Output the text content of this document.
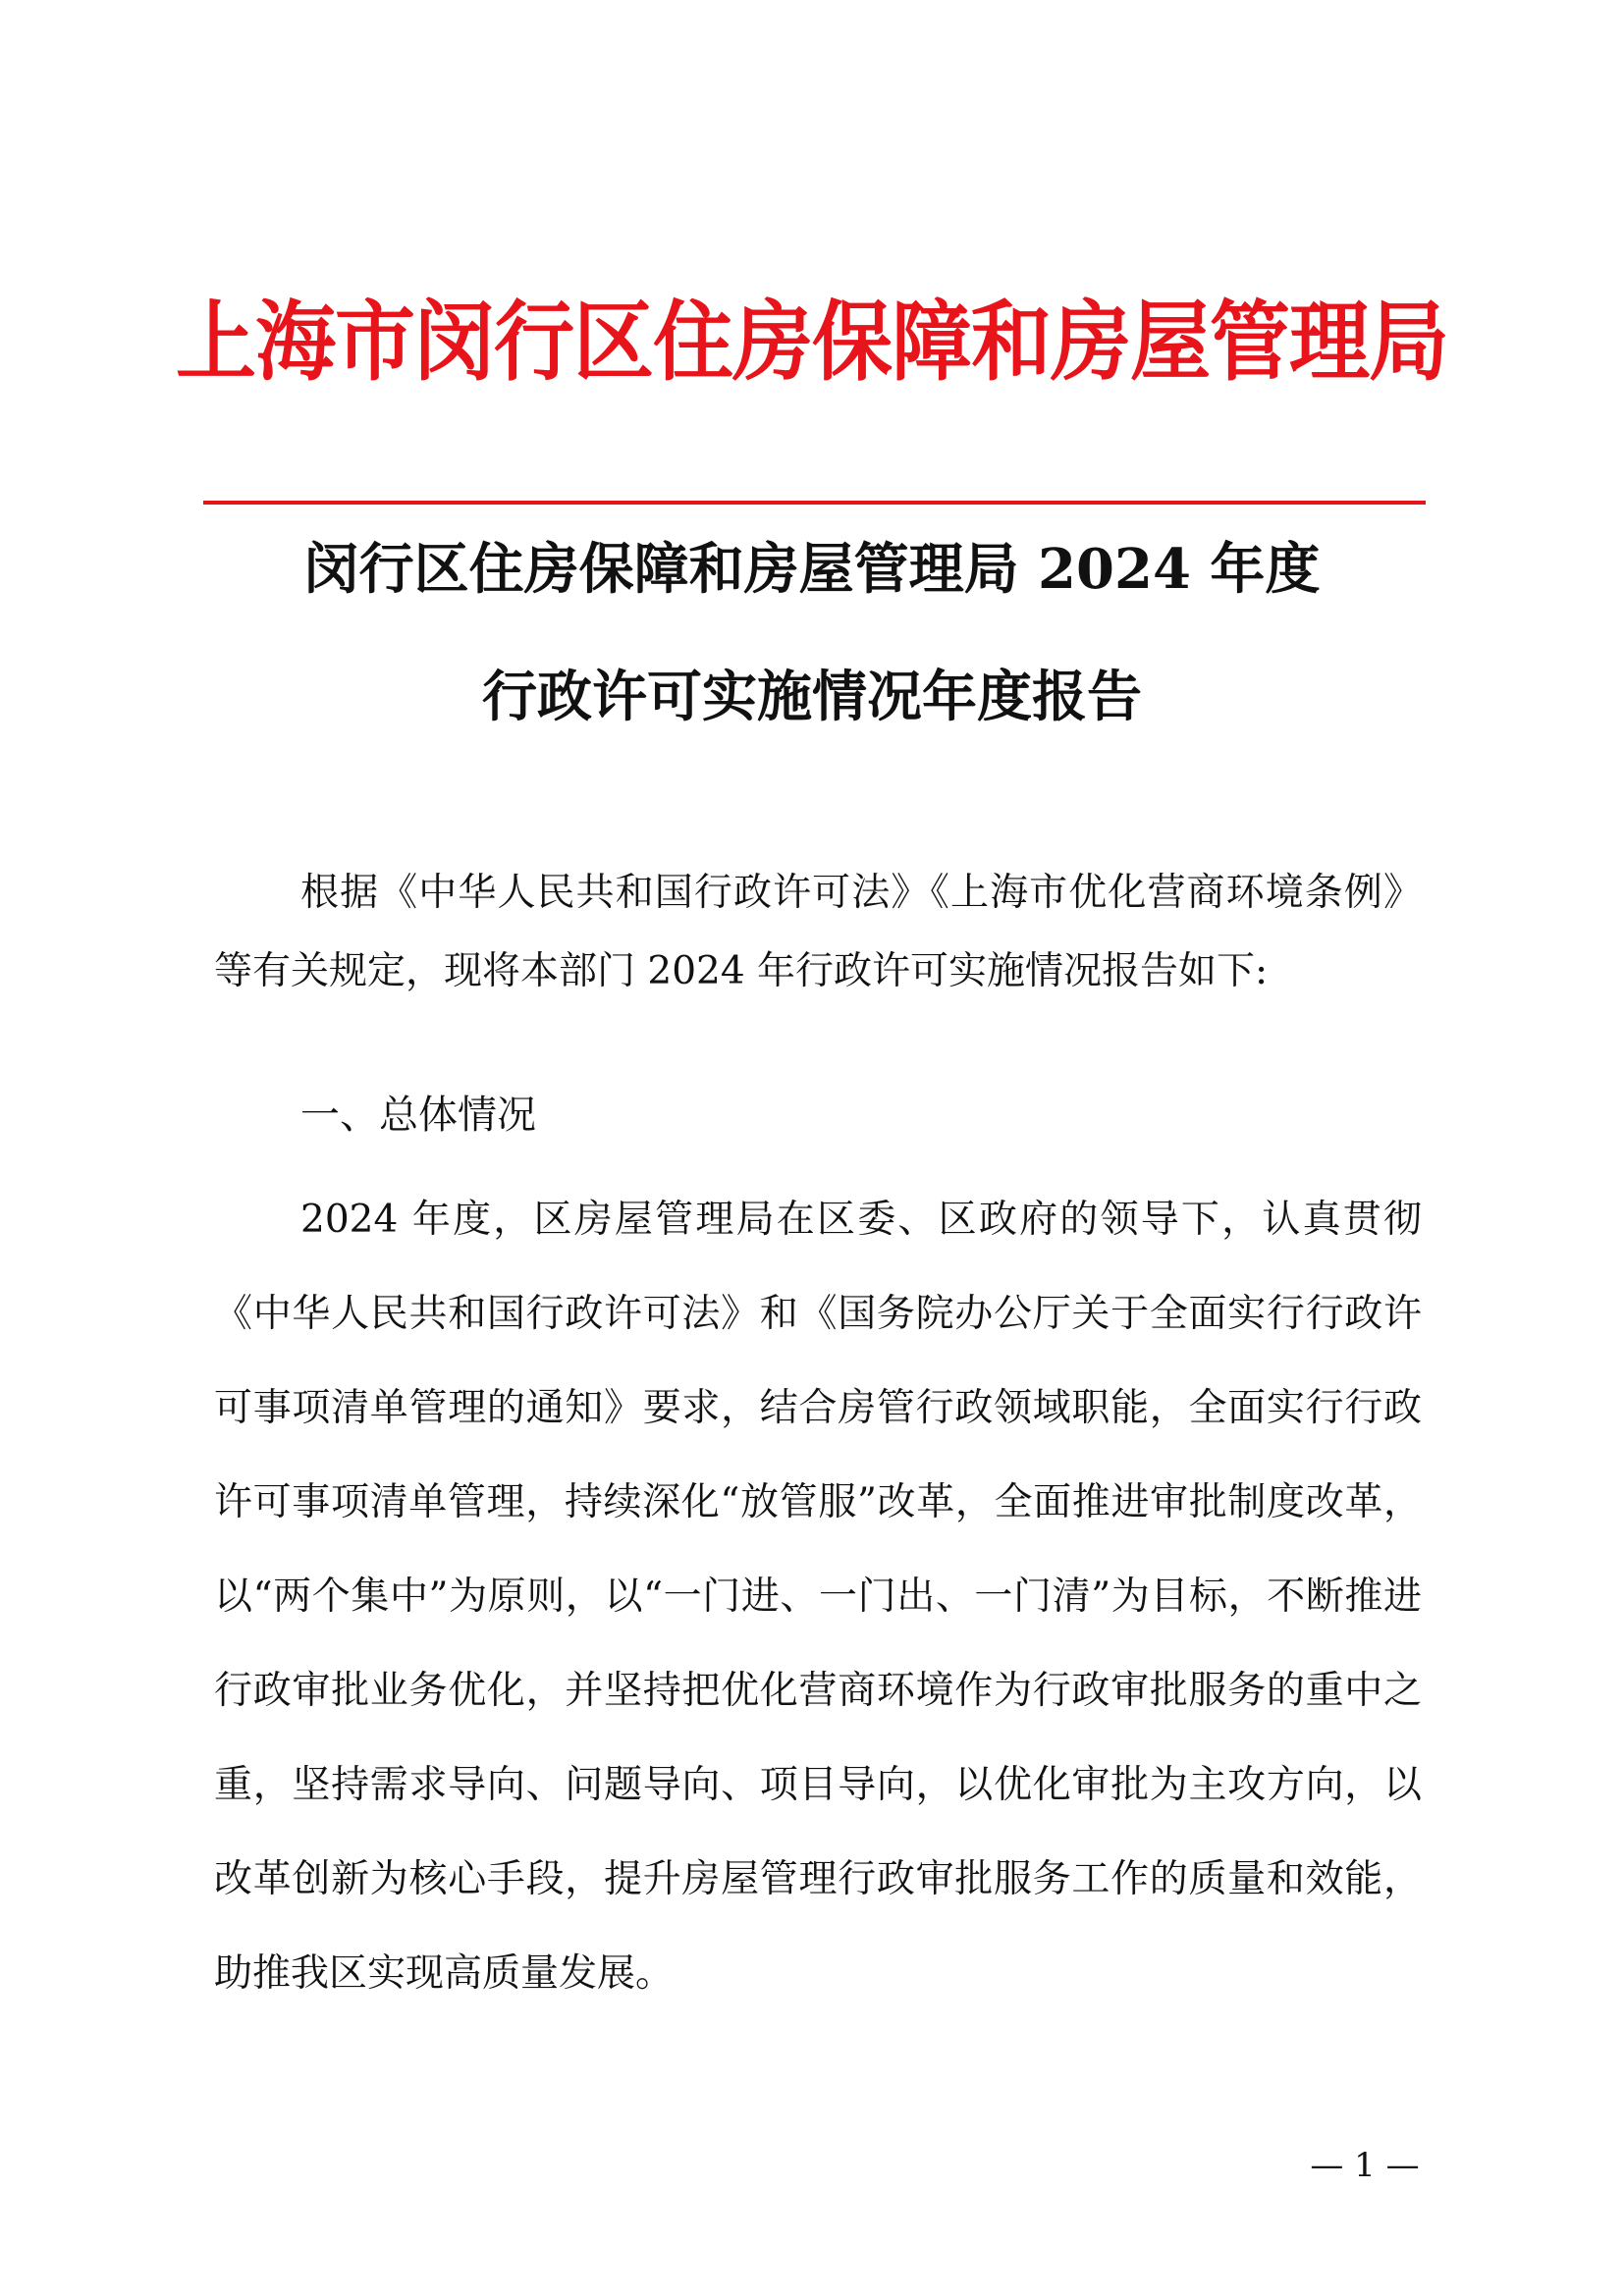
上海市闵行区住房保障和房屋管理局
闵行区住房保障和房屋管理局 2024 年度
行政许可实施情况年度报告
根据《中华人民共和国行政许可法》《上海市优化营商环境条例》等有关规定，现将本部门 2024 年行政许可实施情况报告如下:
一、总体情况
2024 年度，区房屋管理局在区委、区政府的领导下，认真贯彻《中华人民共和国行政许可法》和《国务院办公厅关于全面实行行政许可事项清单管理的通知》要求，结合房管行政领域职能，全面实行行政许可事项清单管理，持续深化“放管服”改革，全面推进审批制度改革，以“两个集中”为原则，以“一门进、一门出、一门清”为目标，不断推进行政审批业务优化，并坚持把优化营商环境作为行政审批服务的重中之重，坚持需求导向、问题导向、项目导向，以优化审批为主攻方向，以改革创新为核心手段，提升房屋管理行政审批服务工作的质量和效能，助推我区实现高质量发展。
— 1 —
